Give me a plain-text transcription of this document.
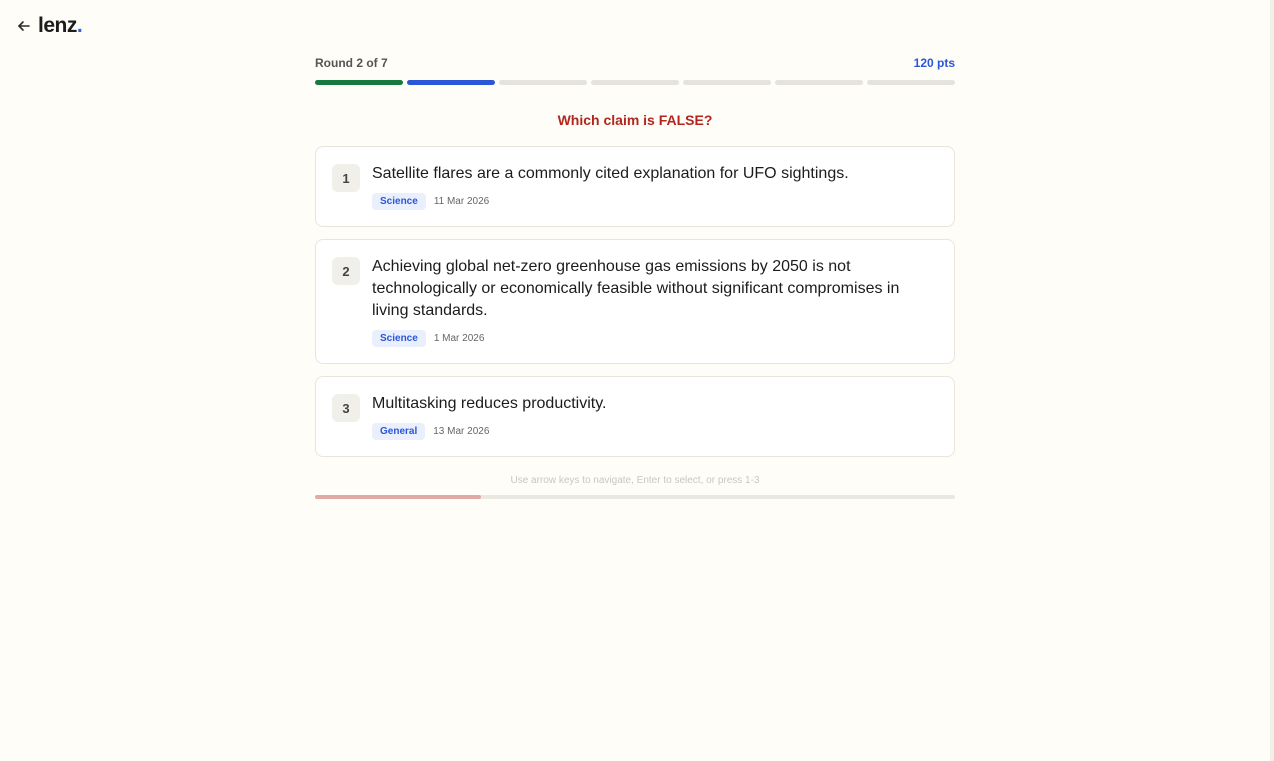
lenz.
Round 2 of 7	120 pts
Which claim is FALSE?
1	Satellite flares are a commonly cited explanation for UFO sightings.
Science	11 Mar 2026
2	Achieving global net-zero greenhouse gas emissions by 2050 is not technologically or economically feasible without significant compromises in living standards.
Science	1 Mar 2026
3	Multitasking reduces productivity.
General	13 Mar 2026
Use arrow keys to navigate, Enter to select, or press 1-3
